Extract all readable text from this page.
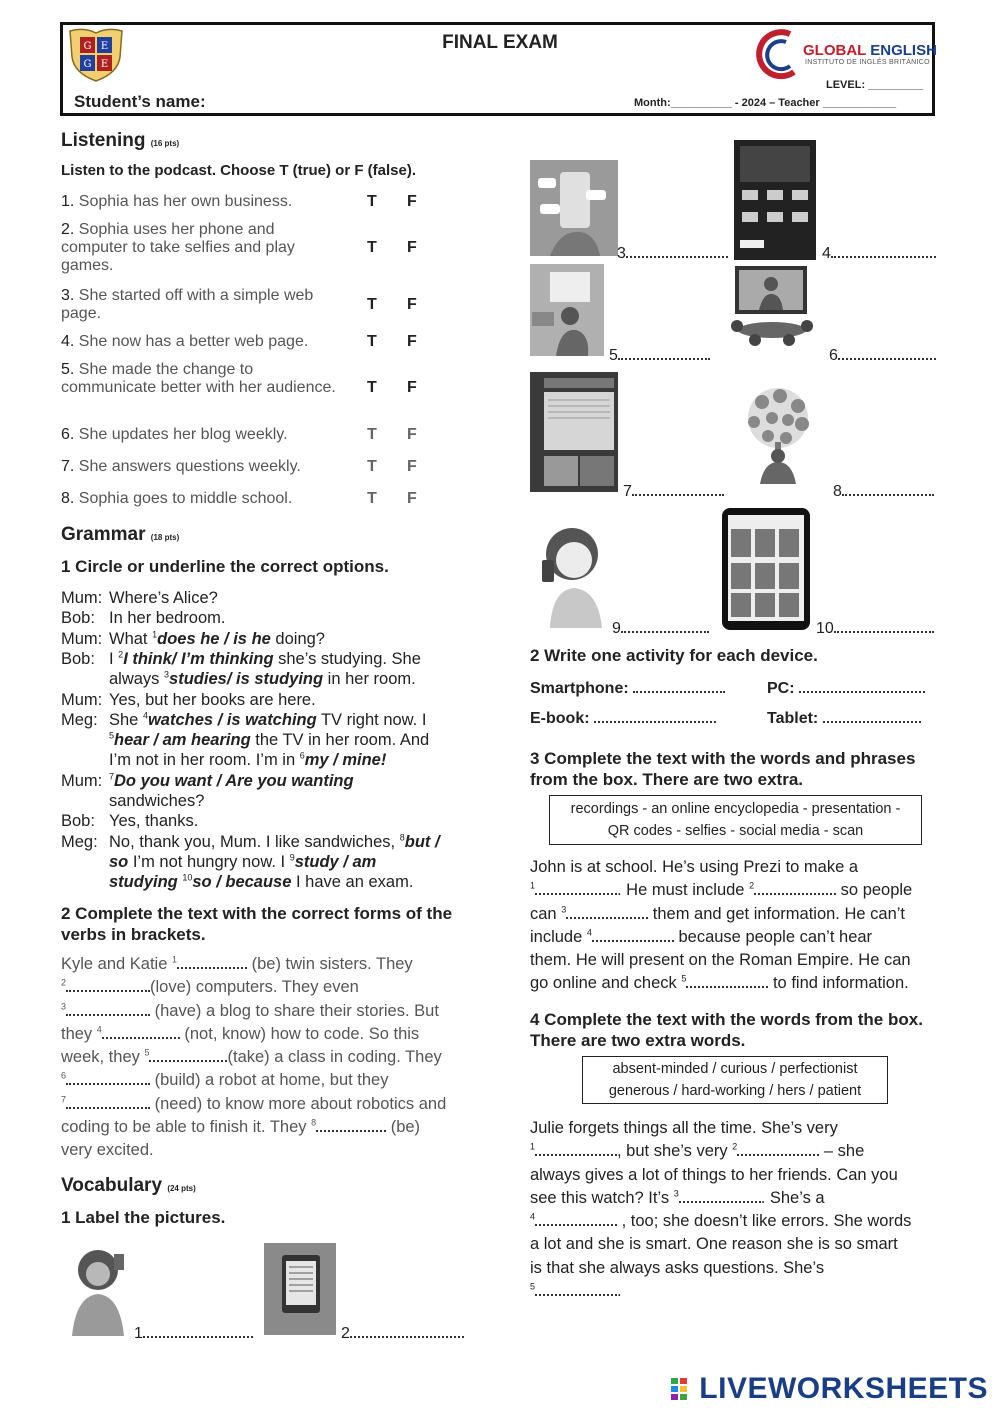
G E
G E
FINAL EXAM
Student’s name:
GLOBAL ENGLISH
INSTITUTO DE INGLÉS BRITÁNICO
LEVEL: _________
Month:__________ - 2024 – Teacher ____________
Listening (16 pts)
Listen to the podcast. Choose T (true) or F (false).
1. Sophia has her own business.	T F
2. Sophia uses her phone and computer to take selfies and play games.
T F
3. She started off with a simple web page.
T F
4. She now has a better web page.	T F
5. She made the change to communicate better with her audience.	T F
6. She updates her blog weekly.	T F
7. She answers questions weekly.	T F
8. Sophia goes to middle school.	T F
Grammar (18 pts)
1 Circle or underline the correct options.
Mum: Where’s Alice?
Bob: In her bedroom.
Mum: What $^1$does he / is he doing?
Bob: I $^2$I think/ I’m thinking she’s studying. She
always $^3$studies/ is studying in her room.
Mum: Yes, but her books are here.
Meg: She $^4$watches / is watching TV right now. I
$^5$hear / am hearing the TV in her room. And
I’m not in her room. I’m in $^6$my / mine!
Mum: $^7$Do you want / Are you wanting
sandwiches?
Bob: Yes, thanks.
Meg: No, thank you, Mum. I like sandwiches, $^8$but /
so I’m not hungry now. I $^9$study / am
studying $^{10}$so / because I have an exam.
2 Complete the text with the correct forms of the verbs in brackets.
Kyle and Katie $^1$	(be) twin sisters. They
$^2$	(love) computers. They even
$^3$	(have) a blog to share their stories. But
they $^4$	(not, know) how to code. So this
week, they $^5$	(take) a class in coding. They
$^6$	(build) a robot at home, but they
$^7$	(need) to know more about robotics and
coding to be able to finish it. They $^8$	(be)
very excited.
Vocabulary (24 pts)
1 Label the pictures.
1	2
3	4
5	6
7	8
9	10
2 Write one activity for each device.
Smartphone:	PC:
E-book:	Tablet:
3 Complete the text with the words and phrases from the box. There are two extra.
recordings - an online encyclopedia - presentation -
QR codes - selfies - social media - scan
John is at school. He’s using Prezi to make a
$^1$	. He must include $^2$	so people
can $^3$	them and get information. He can’t
include $^4$	because people can’t hear
them. He will present on the Roman Empire. He can
go online and check $^5$	to find information.
4 Complete the text with the words from the box. There are two extra words.
absent-minded / curious / perfectionist
generous / hard-working / hers / patient
Julie forgets things all the time. She’s very
$^1$	, but she’s very $^2$	– she
always gives a lot of things to her friends. Can you
see this watch? It’s $^3$	. She’s a
$^4$	, too; she doesn’t like errors. She words
a lot and she is smart. One reason she is so smart
is that she always asks questions. She’s
$^5$	.
LIVEWORKSHEETS
